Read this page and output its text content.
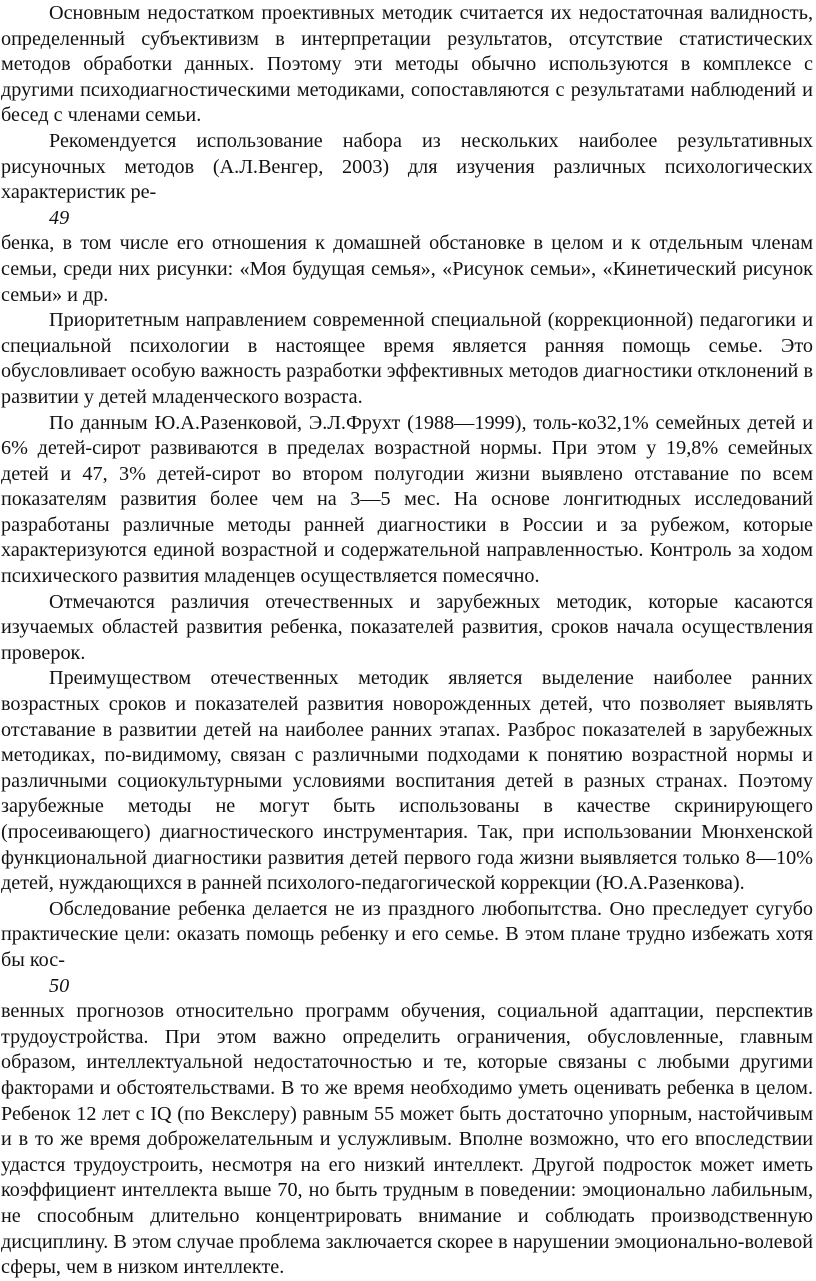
Основным недостатком проективных методик считается их недостаточная валидность, определенный субъективизм в интерпретации результатов, отсутствие статистических методов обработки данных. Поэтому эти методы обычно используются в комплексе с другими психодиагностическими методиками, сопоставляются с результатами наблюдений и бесед с членами семьи.

Рекомендуется использование набора из нескольких наиболее результативных рисуночных методов (А.Л.Венгер, 2003) для изучения различных психологических характеристик ре-

49

бенка, в том числе его отношения к домашней обстановке в целом и к отдельным членам семьи, среди них рисунки: «Моя будущая семья», «Рисунок семьи», «Кинетический рисунок семьи» и др.

Приоритетным направлением современной специальной (коррекционной) педагогики и специальной психологии в настоящее время является ранняя помощь семье. Это обусловливает особую важность разработки эффективных методов диагностики отклонений в развитии у детей младенческого возраста.

По данным Ю.А.Разенковой, Э.Л.Фрухт (1988—1999), толь-ко32,1% семейных детей и 6% детей-сирот развиваются в пределах возрастной нормы. При этом у 19,8% семейных детей и 47, 3% детей-сирот во втором полугодии жизни выявлено отставание по всем показателям развития более чем на 3—5 мес. На основе лонгитюдных исследований разработаны различные методы ранней диагностики в России и за рубежом, которые характеризуются единой возрастной и содержательной направленностью. Контроль за ходом психического развития младенцев осуществляется помесячно.

Отмечаются различия отечественных и зарубежных методик, которые касаются изучаемых областей развития ребенка, показателей развития, сроков начала осуществления проверок.

Преимуществом отечественных методик является выделение наиболее ранних возрастных сроков и показателей развития новорожденных детей, что позволяет выявлять отставание в развитии детей на наиболее ранних этапах. Разброс показателей в зарубежных методиках, по-видимому, связан с различными подходами к понятию возрастной нормы и различными социокультурными условиями воспитания детей в разных странах. Поэтому зарубежные методы не могут быть использованы в качестве скринирующего (просеивающего) диагностического инструментария. Так, при использовании Мюнхенской функциональной диагностики развития детей первого года жизни выявляется только 8—10% детей, нуждающихся в ранней психолого-педагогической коррекции (Ю.А.Разенкова).

Обследование ребенка делается не из праздного любопытства. Оно преследует сугубо практические цели: оказать помощь ребенку и его семье. В этом плане трудно избежать хотя бы кос-

50

венных прогнозов относительно программ обучения, социальной адаптации, перспектив трудоустройства. При этом важно определить ограничения, обусловленные, главным образом, интеллектуальной недостаточностью и те, которые связаны с любыми другими факторами и обстоятельствами. В то же время необходимо уметь оценивать ребенка в целом. Ребенок 12 лет с IQ (по Векслеру) равным 55 может быть достаточно упорным, настойчивым и в то же время доброжелательным и услужливым. Вполне возможно, что его впоследствии удастся трудоустроить, несмотря на его низкий интеллект. Другой подросток может иметь коэффициент интеллекта выше 70, но быть трудным в поведении: эмоционально лабильным, не способным длительно концентрировать внимание и соблюдать производственную дисциплину. В этом случае проблема заключается скорее в нарушении эмоционально-волевой сферы, чем в низком интеллекте.
